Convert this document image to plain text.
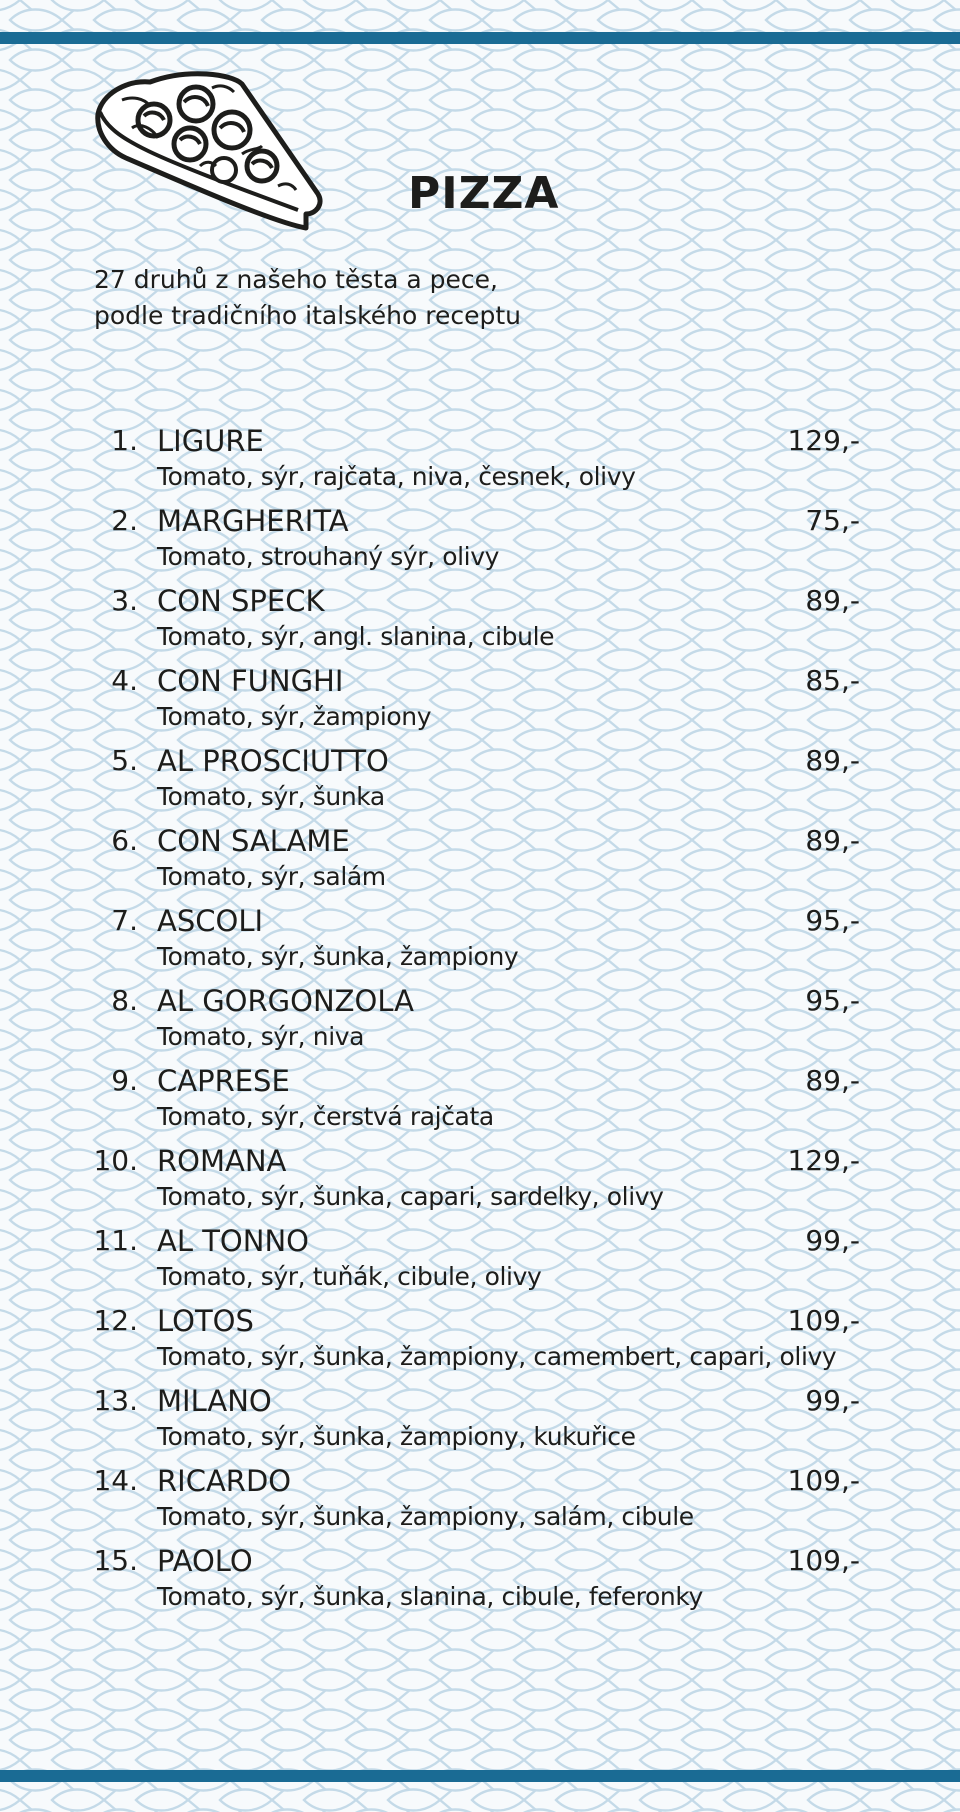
PIZZA
27 druhů z našeho těsta a pece,
podle tradičního italského receptu
1. LIGURE	129,-
Tomato, sýr, rajčata, niva, česnek, olivy
2. MARGHERITA	75,-
Tomato, strouhaný sýr, olivy
3. CON SPECK	89,-
Tomato, sýr, angl. slanina, cibule
4. CON FUNGHI	85,-
Tomato, sýr, žampiony
5. AL PROSCIUTTO	89,-
Tomato, sýr, šunka
6. CON SALAME	89,-
Tomato, sýr, salám
7. ASCOLI	95,-
Tomato, sýr, šunka, žampiony
8. AL GORGONZOLA	95,-
Tomato, sýr, niva
9. CAPRESE	89,-
Tomato, sýr, čerstvá rajčata
10. ROMANA	129,-
Tomato, sýr, šunka, capari, sardelky, olivy
11. AL TONNO	99,-
Tomato, sýr, tuňák, cibule, olivy
12. LOTOS	109,-
Tomato, sýr, šunka, žampiony, camembert, capari, olivy
13. MILANO	99,-
Tomato, sýr, šunka, žampiony, kukuřice
14. RICARDO	109,-
Tomato, sýr, šunka, žampiony, salám, cibule
15. PAOLO	109,-
Tomato, sýr, šunka, slanina, cibule, feferonky
